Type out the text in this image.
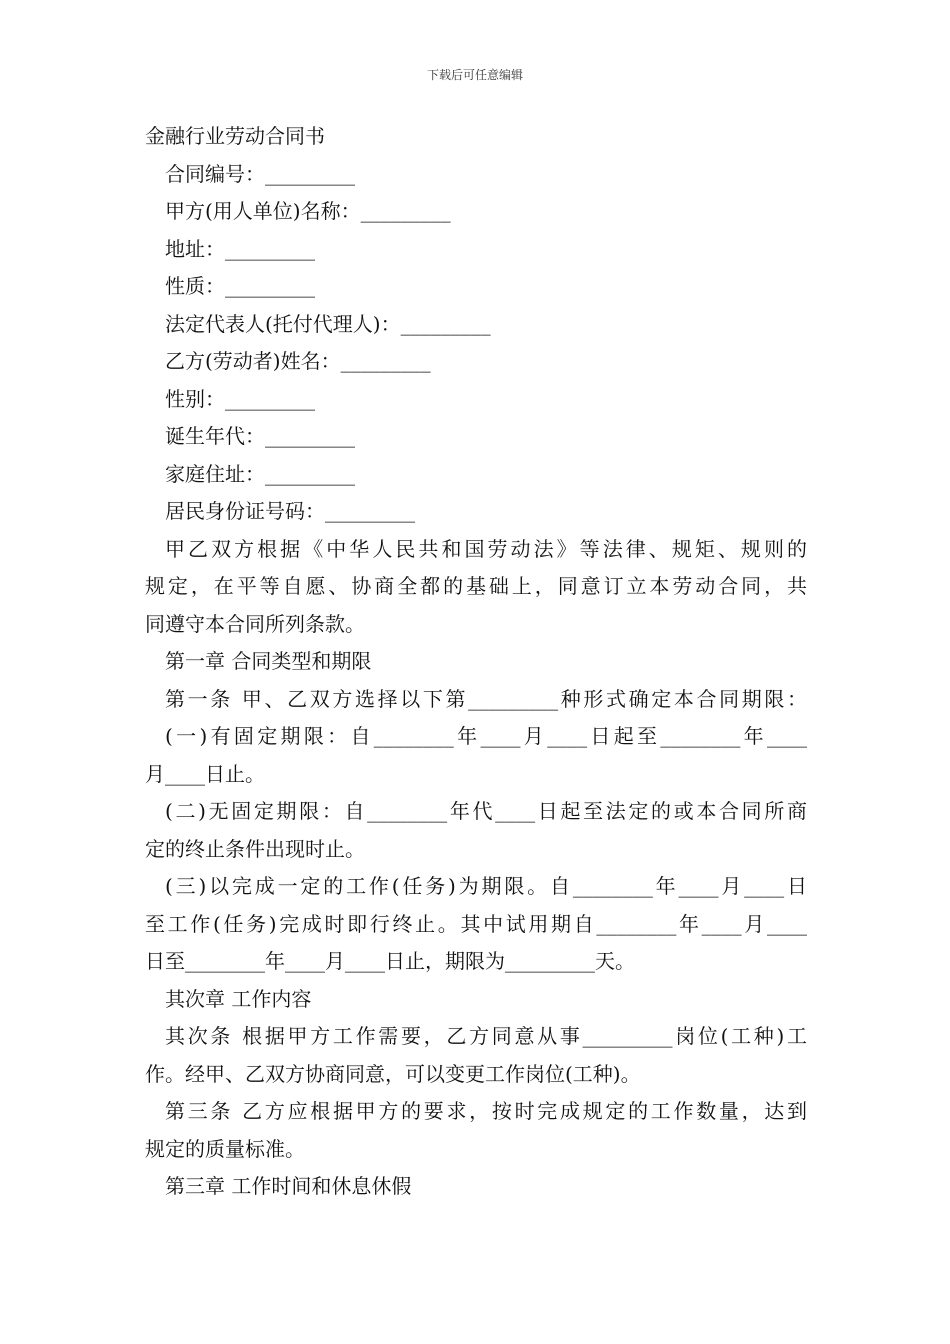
下载后可任意编辑
金融行业劳动合同书
合同编号：_________
甲方(用人单位)名称：_________
地址：_________
性质：_________
法定代表人(托付代理人)：_________
乙方(劳动者)姓名：_________
性别：_________
诞生年代：_________
家庭住址：_________
居民身份证号码：_________
甲乙双方根据《中华人民共和国劳动法》等法律、规矩、规则的
规定，在平等自愿、协商全都的基础上，同意订立本劳动合同，共
同遵守本合同所列条款。
第一章 合同类型和期限
第一条 甲、乙双方选择以下第_________种形式确定本合同期限：
(一)有固定期限：自________年____月____日起至________年____
月____日止。
(二)无固定期限：自________年代____日起至法定的或本合同所商
定的终止条件出现时止。
(三)以完成一定的工作(任务)为期限。自________年____月____日
至工作(任务)完成时即行终止。其中试用期自________年____月____
日至________年____月____日止，期限为_________天。
其次章 工作内容
其次条 根据甲方工作需要，乙方同意从事_________岗位(工种)工
作。经甲、乙双方协商同意，可以变更工作岗位(工种)。
第三条 乙方应根据甲方的要求，按时完成规定的工作数量，达到
规定的质量标准。
第三章 工作时间和休息休假
